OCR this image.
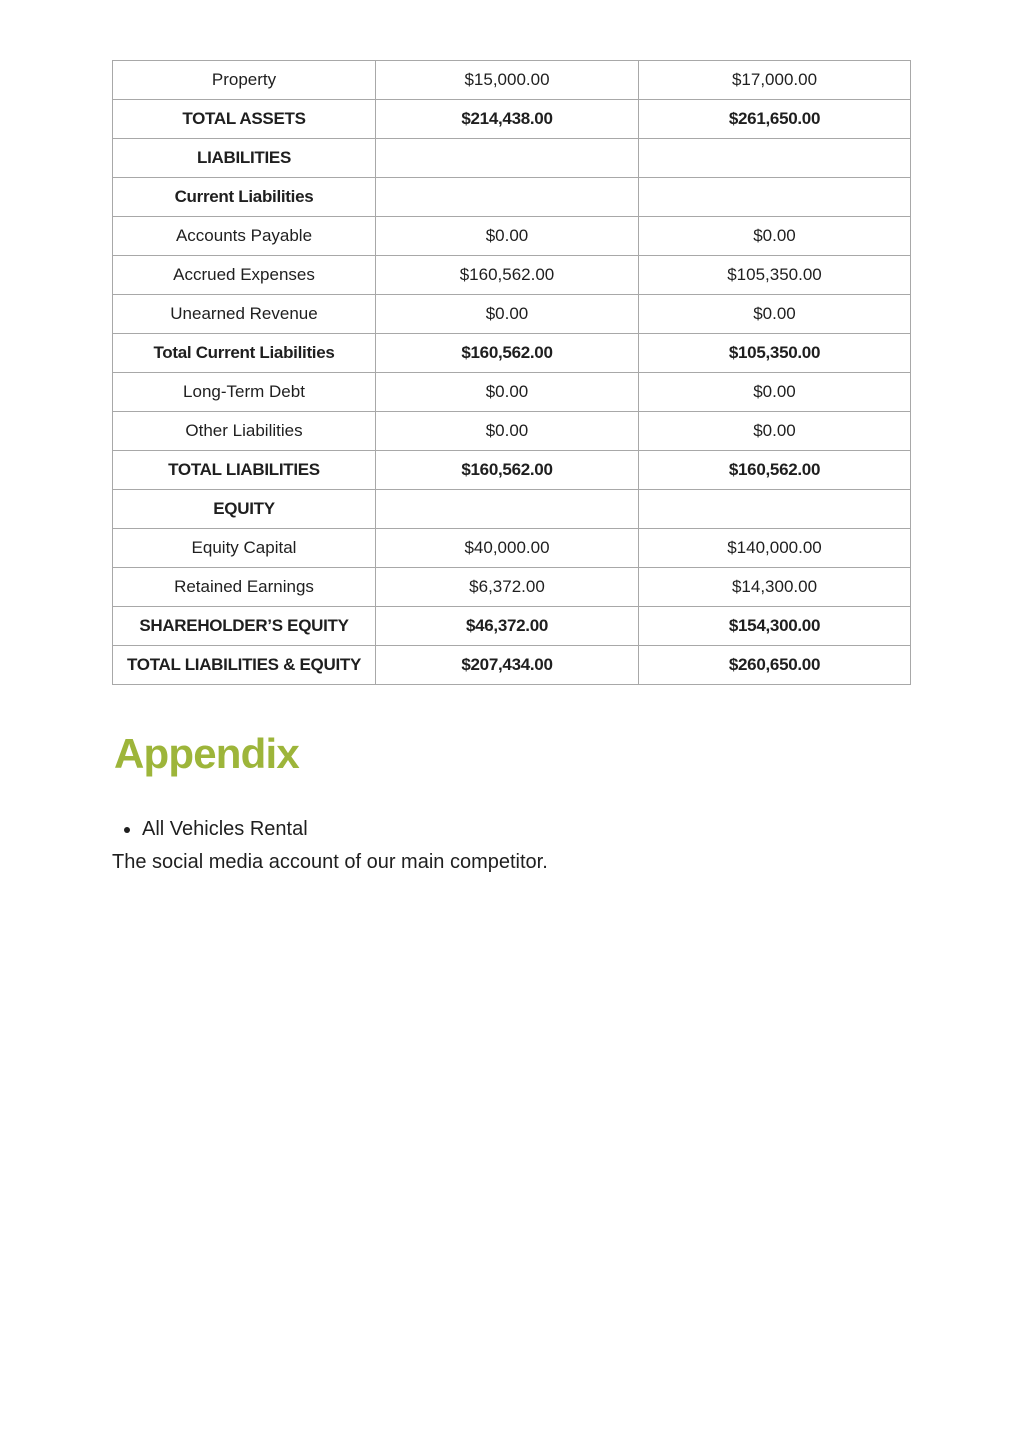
Property	$15,000.00	$17,000.00
TOTAL ASSETS	$214,438.00	$261,650.00
LIABILITIES		
Current Liabilities		
Accounts Payable	$0.00	$0.00
Accrued Expenses	$160,562.00	$105,350.00
Unearned Revenue	$0.00	$0.00
Total Current Liabilities	$160,562.00	$105,350.00
Long-Term Debt	$0.00	$0.00
Other Liabilities	$0.00	$0.00
TOTAL LIABILITIES	$160,562.00	$160,562.00
EQUITY		
Equity Capital	$40,000.00	$140,000.00
Retained Earnings	$6,372.00	$14,300.00
SHAREHOLDER’S EQUITY	$46,372.00	$154,300.00
TOTAL LIABILITIES & EQUITY	$207,434.00	$260,650.00
Appendix
• All Vehicles Rental

The social media account of our main competitor.
